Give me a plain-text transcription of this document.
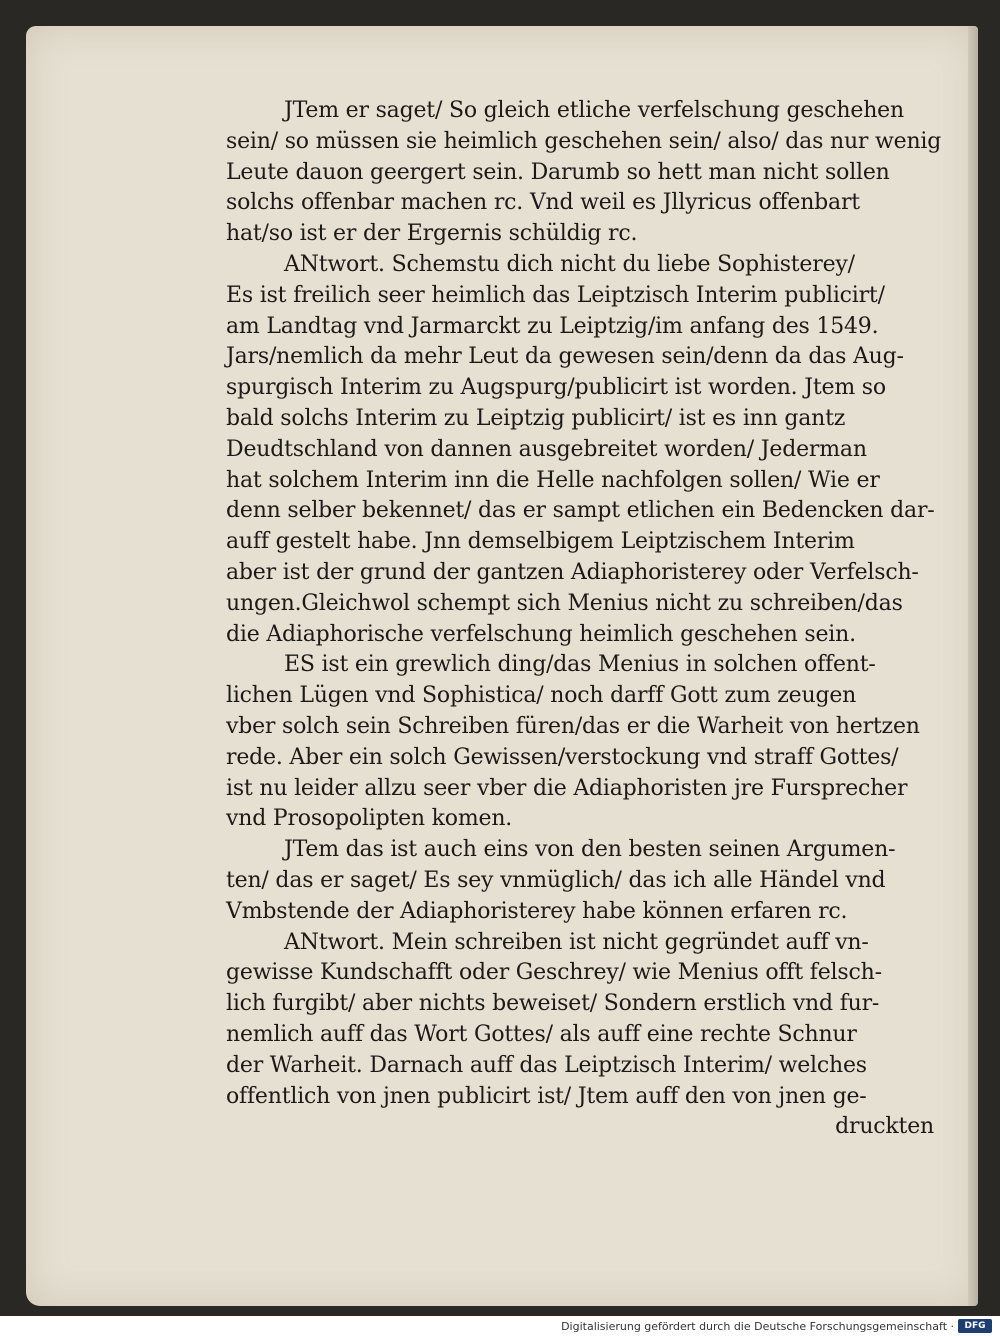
JTem er saget/ So gleich etliche verfelschung geschehen
sein/ so müssen sie heimlich geschehen sein/ also/ das nur wenig
Leute dauon geergert sein. Darumb so hett man nicht sollen
solchs offenbar machen rc. Vnd weil es Jllyricus offenbart
hat/so ist er der Ergernis schüldig rc.
ANtwort. Schemstu dich nicht du liebe Sophisterey/
Es ist freilich seer heimlich das Leiptzisch Interim publicirt/
am Landtag vnd Jarmarckt zu Leiptzig/im anfang des 1549.
Jars/nemlich da mehr Leut da gewesen sein/denn da das Aug-
spurgisch Interim zu Augspurg/publicirt ist worden. Jtem so
bald solchs Interim zu Leiptzig publicirt/ ist es inn gantz
Deudtschland von dannen ausgebreitet worden/ Jederman
hat solchem Interim inn die Helle nachfolgen sollen/ Wie er
denn selber bekennet/ das er sampt etlichen ein Bedencken dar-
auff gestelt habe. Jnn demselbigem Leiptzischem Interim
aber ist der grund der gantzen Adiaphoristerey oder Verfelsch-
ungen.Gleichwol schempt sich Menius nicht zu schreiben/das
die Adiaphorische verfelschung heimlich geschehen sein.
ES ist ein grewlich ding/das Menius in solchen offent-
lichen Lügen vnd Sophistica/ noch darff Gott zum zeugen
vber solch sein Schreiben füren/das er die Warheit von hertzen
rede. Aber ein solch Gewissen/verstockung vnd straff Gottes/
ist nu leider allzu seer vber die Adiaphoristen jre Fursprecher
vnd Prosopolipten komen.
JTem das ist auch eins von den besten seinen Argumen-
ten/ das er saget/ Es sey vnmüglich/ das ich alle Händel vnd
Vmbstende der Adiaphoristerey habe können erfaren rc.
ANtwort. Mein schreiben ist nicht gegründet auff vn-
gewisse Kundschafft oder Geschrey/ wie Menius offt felsch-
lich furgibt/ aber nichts beweiset/ Sondern erstlich vnd fur-
nemlich auff das Wort Gottes/ als auff eine rechte Schnur
der Warheit. Darnach auff das Leiptzisch Interim/ welches
offentlich von jnen publicirt ist/ Jtem auff den von jnen ge-
druckten
Digitalisierung gefördert durch die Deutsche Forschungsgemeinschaft ·	DFG
